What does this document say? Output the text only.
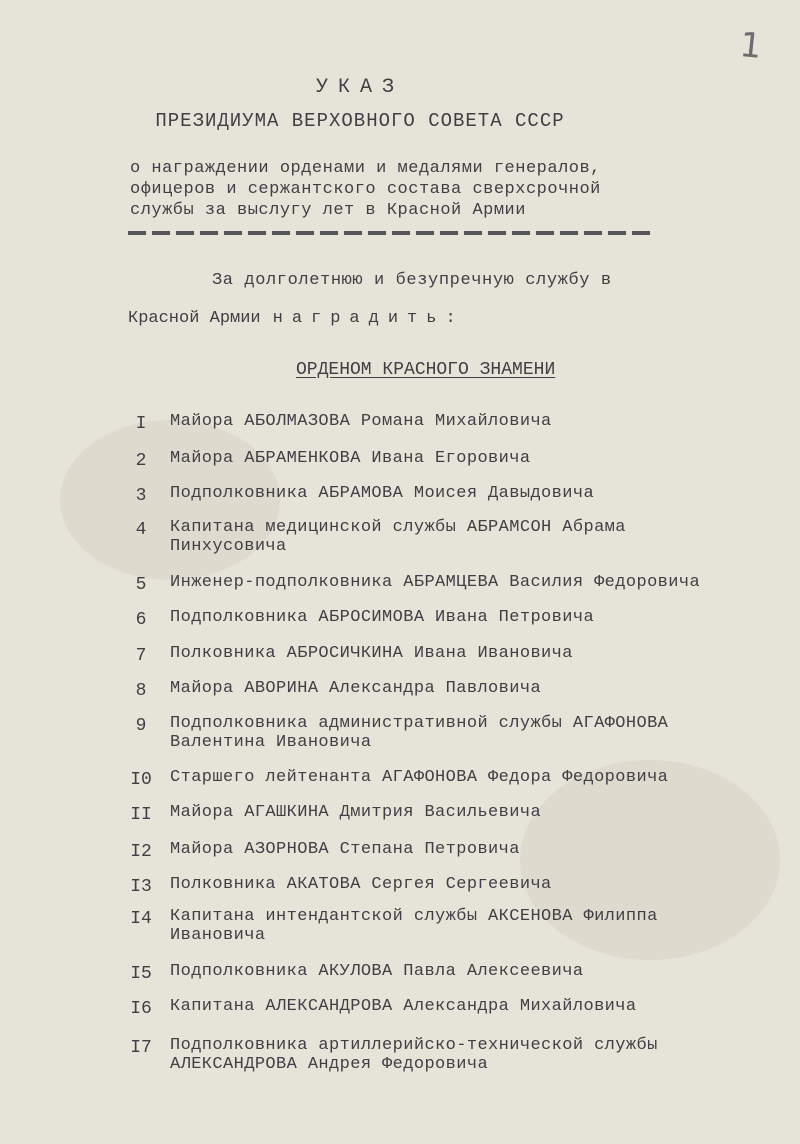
1
УКАЗ
ПРЕЗИДИУМА ВЕРХОВНОГО СОВЕТА СССР
о награждении орденами и медалями генералов,
офицеров и сержантского состава сверхсрочной
службы за выслугу лет в Красной Армии
За долголетнюю и безупречную службу в
Красной Армии наградить:
ОРДЕНОМ КРАСНОГО ЗНАМЕНИ
I	Майора АБОЛМАЗОВА Романа Михайловича
2	Майора АБРАМЕНКОВА Ивана Егоровича
3	Подполковника АБРАМОВА Моисея Давыдовича
4	Капитана медицинской службы АБРАМСОН Абрама
Пинхусовича
5	Инженер-подполковника АБРАМЦЕВА Василия Федоровича
6	Подполковника АБРОСИМОВА Ивана Петровича
7	Полковника АБРОСИЧКИНА Ивана Ивановича
8	Майора АВОРИНА Александра Павловича
9	Подполковника административной службы АГАФОНОВА
Валентина Ивановича
I0 Старшего лейтенанта АГАФОНОВА Федора Федоровича
II Майора АГАШКИНА Дмитрия Васильевича
I2 Майора АЗОРНОВА Степана Петровича
I3 Полковника АКАТОВА Сергея Сергеевича
I4 Капитана интендантской службы АКСЕНОВА Филиппа
Ивановича
I5 Подполковника АКУЛОВА Павла Алексеевича
I6 Капитана АЛЕКСАНДРОВА Александра Михайловича
I7 Подполковника артиллерийско-технической службы
АЛЕКСАНДРОВА Андрея Федоровича
